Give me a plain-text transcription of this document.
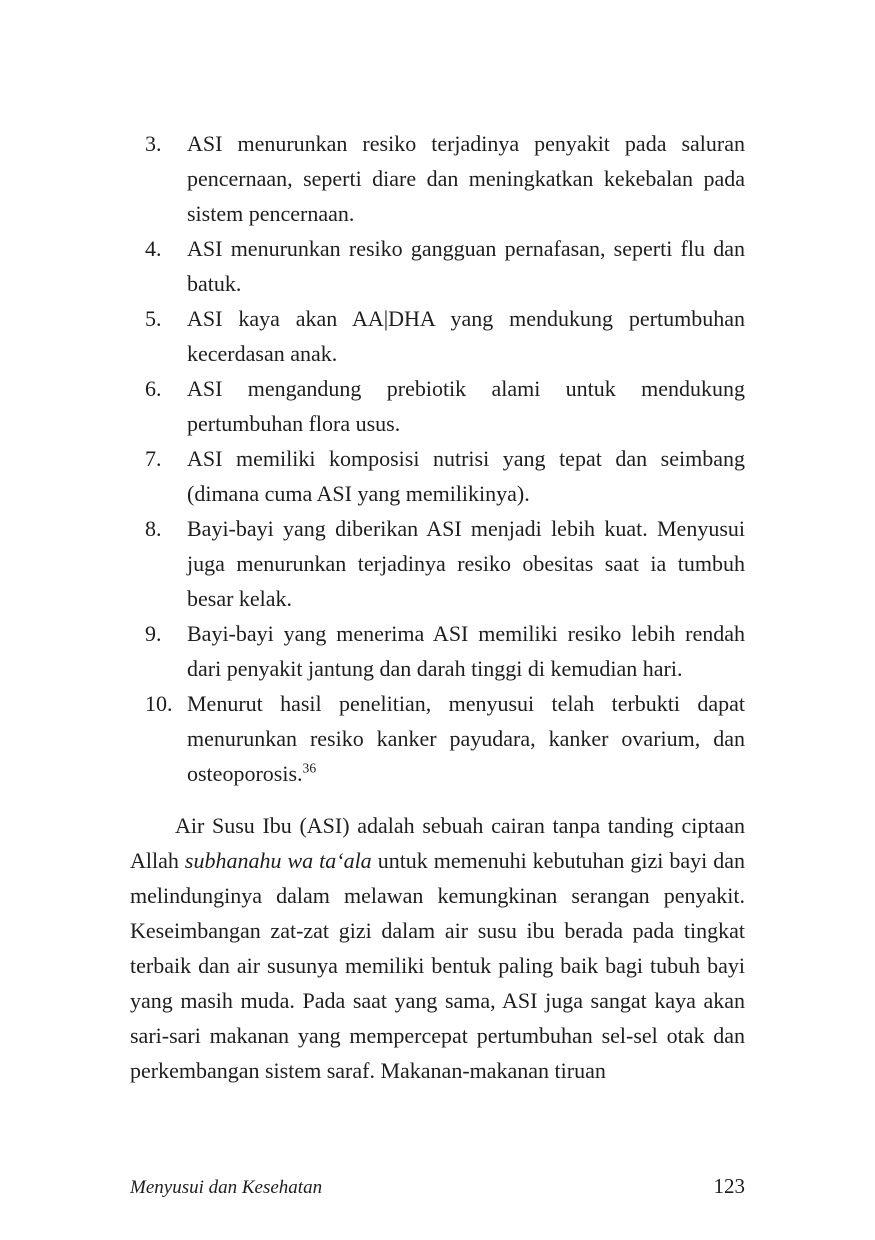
3. ASI menurunkan resiko terjadinya penyakit pada saluran pencernaan, seperti diare dan meningkatkan kekebalan pada sistem pencernaan.
4. ASI menurunkan resiko gangguan pernafasan, seperti flu dan batuk.
5. ASI kaya akan AA|DHA yang mendukung pertumbuhan kecerdasan anak.
6. ASI mengandung prebiotik alami untuk mendukung pertumbuhan flora usus.
7. ASI memiliki komposisi nutrisi yang tepat dan seimbang (dimana cuma ASI yang memilikinya).
8. Bayi-bayi yang diberikan ASI menjadi lebih kuat. Menyusui juga menurunkan terjadinya resiko obesitas saat ia tumbuh besar kelak.
9. Bayi-bayi yang menerima ASI memiliki resiko lebih rendah dari penyakit jantung dan darah tinggi di kemudian hari.
10. Menurut hasil penelitian, menyusui telah terbukti dapat menurunkan resiko kanker payudara, kanker ovarium, dan osteoporosis.$^{36}$
Air Susu Ibu (ASI) adalah sebuah cairan tanpa tanding ciptaan Allah subhanahu wa ta‘ala untuk memenuhi kebutuhan gizi bayi dan melindunginya dalam melawan kemungkinan serangan penyakit. Keseimbangan zat-zat gizi dalam air susu ibu berada pada tingkat terbaik dan air susunya memiliki bentuk paling baik bagi tubuh bayi yang masih muda. Pada saat yang sama, ASI juga sangat kaya akan sari-sari makanan yang mempercepat pertumbuhan sel-sel otak dan perkembangan sistem saraf. Makanan-makanan tiruan
Menyusui dan Kesehatan	123
